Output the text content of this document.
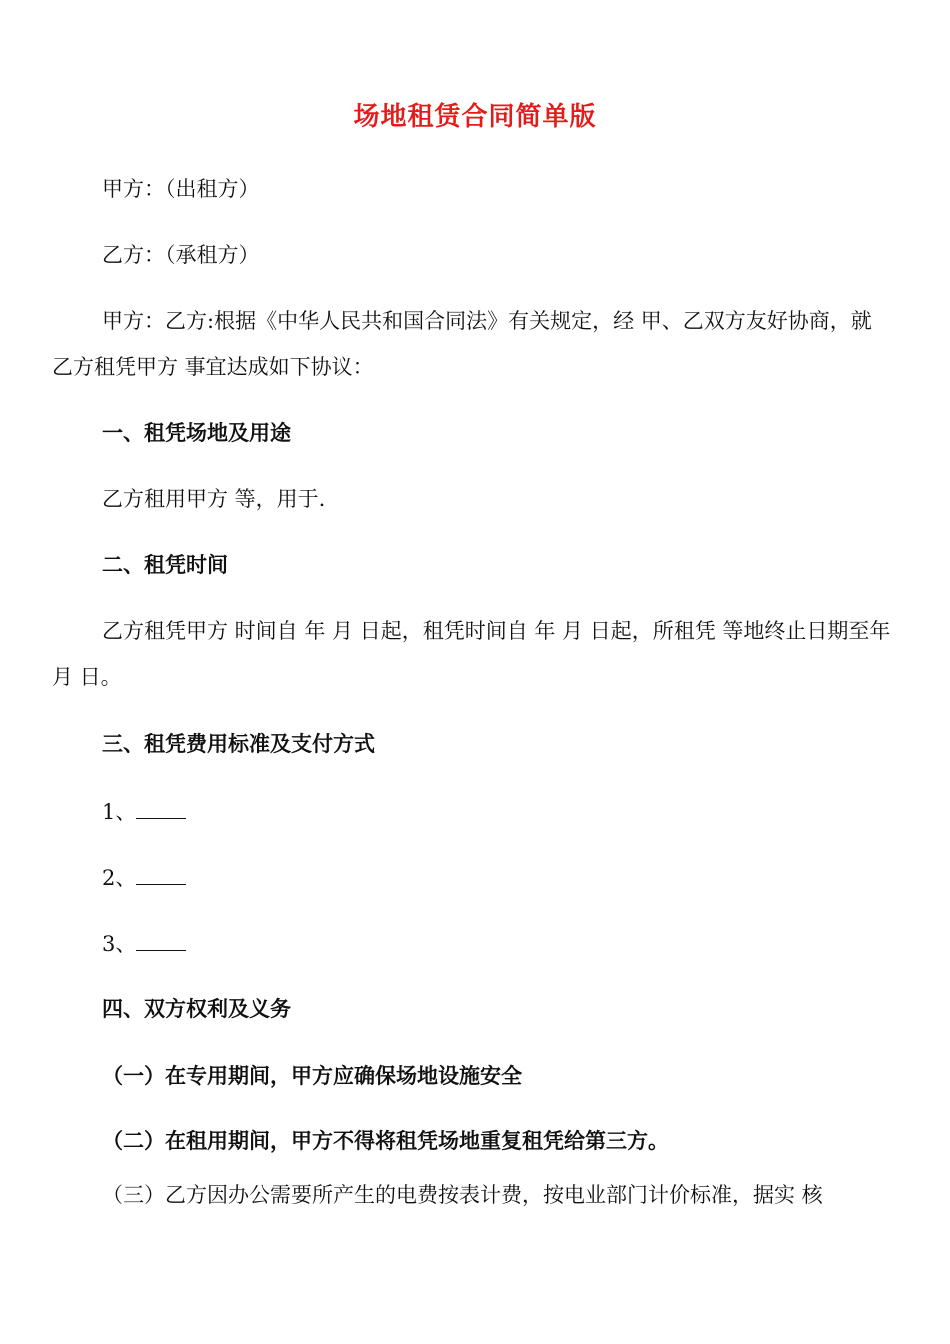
场地租赁合同简单版
甲方：（出租方）
乙方：（承租方）
甲方：乙方:根据《中华人民共和国合同法》有关规定，经 甲、乙双方友好协商，就乙方租凭甲方 事宜达成如下协议：
一、租凭场地及用途
乙方租用甲方 等，用于.
二、租凭时间
乙方租凭甲方 时间自 年 月 日起，租凭时间自 年 月 日起，所租凭 等地终止日期至年 月 日。
三、租凭费用标准及支付方式
1、
2、
3、
四、双方权利及义务
（一）在专用期间，甲方应确保场地设施安全
（二）在租用期间，甲方不得将租凭场地重复租凭给第三方。
（三）乙方因办公需要所产生的电费按表计费，按电业部门计价标准，据实 核
